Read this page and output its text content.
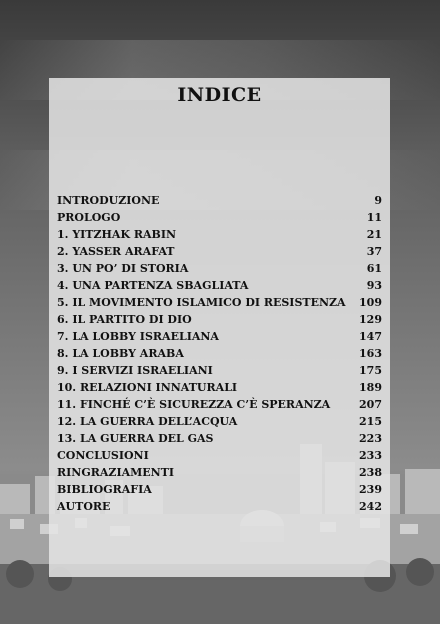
INDICE
INTRODUZIONE	9
PROLOGO	11
1. YITZHAK RABIN	21
2. YASSER ARAFAT	37
3. UN PO’ DI STORIA	61
4. UNA PARTENZA SBAGLIATA	93
5. IL MOVIMENTO ISLAMICO DI RESISTENZA 109
6. IL PARTITO DI DIO	129
7. LA LOBBY ISRAELIANA	147
8. LA LOBBY ARABA	163
9. I SERVIZI ISRAELIANI	175
10. RELAZIONI INNATURALI	189
11. FINCHÉ C’È SICUREZZA C’È SPERANZA	207
12. LA GUERRA DELL’ACQUA	215
13. LA GUERRA DEL GAS	223
CONCLUSIONI	233
RINGRAZIAMENTI	238
BIBLIOGRAFIA	239
AUTORE	242
